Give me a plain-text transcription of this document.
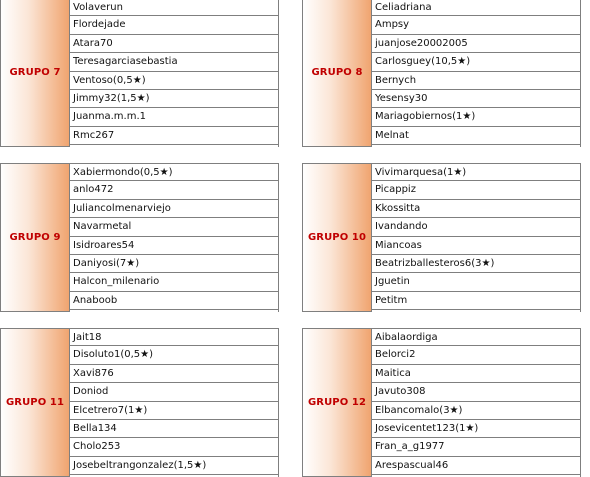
GRUPO 7
Volaverun
Flordejade
Atara70
Teresagarciasebastia
Ventoso(0,5★)
Jimmy32(1,5★)
Juanma.m.m.1
Rmc267
GRUPO 8
Celiadriana
Ampsy
juanjose20002005
Carlosguey(10,5★)
Bernych
Yesensy30
Mariagobiernos(1★)
Melnat
GRUPO 9
Xabiermondo(0,5★)
anlo472
Juliancolmenarviejo
Navarmetal
Isidroares54
Daniyosi(7★)
Halcon_milenario
Anaboob
GRUPO 10
Vivimarquesa(1★)
Picappiz
Kkossitta
Ivandando
Miancoas
Beatrizballesteros6(3★)
Jguetin
Petitm
GRUPO 11
Jait18
Disoluto1(0,5★)
Xavi876
Doniod
Elcetrero7(1★)
Bella134
Cholo253
Josebeltrangonzalez(1,5★)
GRUPO 12
Aibalaordiga
Belorci2
Maitica
Javuto308
Elbancomalo(3★)
Josevicentet123(1★)
Fran_a_g1977
Arespascual46
